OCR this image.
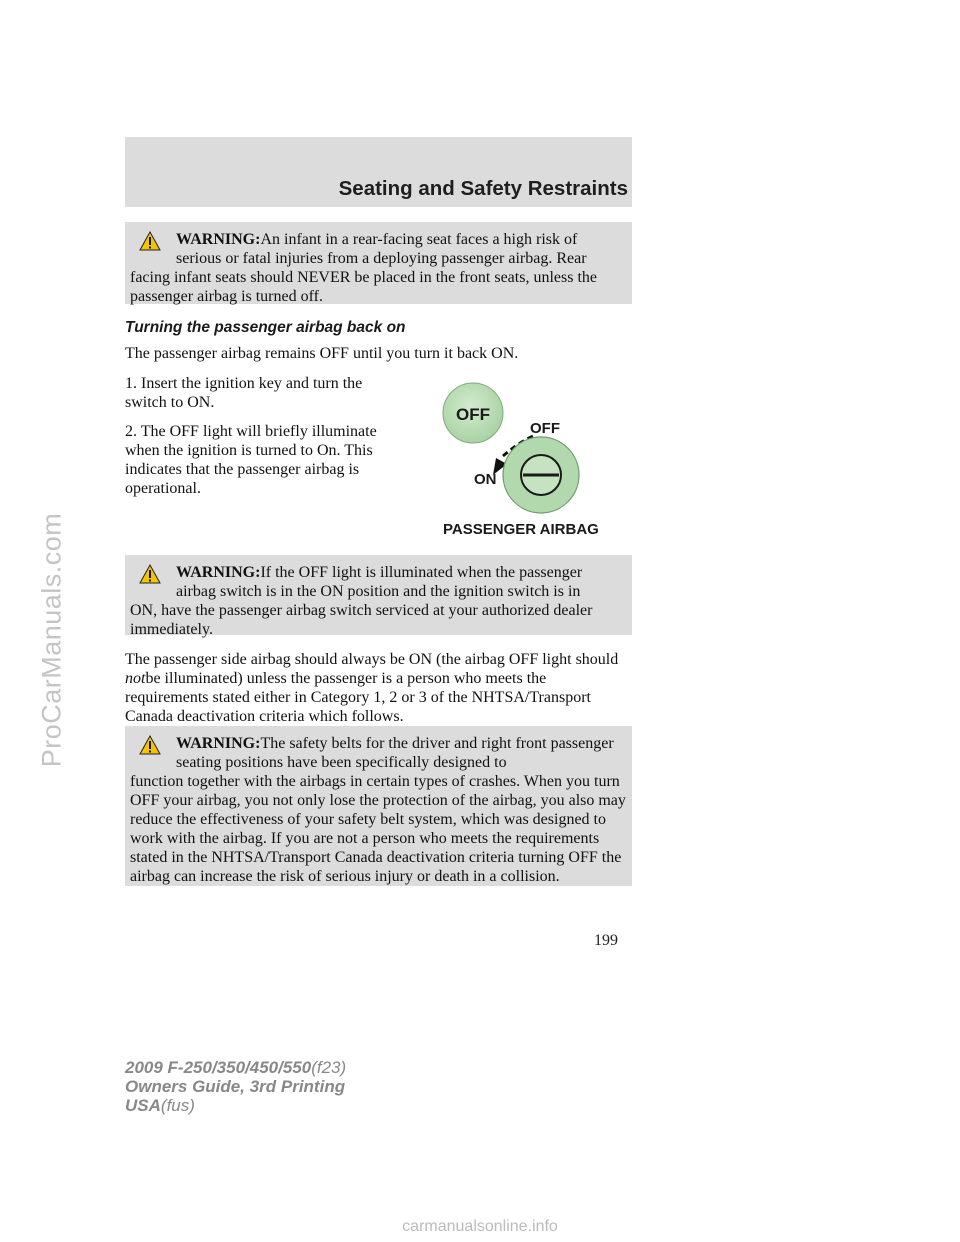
Seating and Safety Restraints
WARNING:An infant in a rear-facing seat faces a high risk of serious or fatal injuries from a deploying passenger airbag. Rear
facing infant seats should NEVER be placed in the front seats, unless the passenger airbag is turned off.
Turning the passenger airbag back on
The passenger airbag remains OFF until you turn it back ON.
1. Insert the ignition key and turn the switch to ON.
2. The OFF light will briefly illuminate when the ignition is turned to On. This indicates that the passenger airbag is operational.
OFF
OFF
ON
PASSENGER AIRBAG
WARNING:If the OFF light is illuminated when the passenger airbag switch is in the ON position and the ignition switch is in
ON, have the passenger airbag switch serviced at your authorized dealer immediately.
The passenger side airbag should always be ON (the airbag OFF light should notbe illuminated) unless the passenger is a person who meets the requirements stated either in Category 1, 2 or 3 of the NHTSA/Transport Canada deactivation criteria which follows.
WARNING:The safety belts for the driver and right front passenger seating positions have been specifically designed to
function together with the airbags in certain types of crashes. When you turn OFF your airbag, you not only lose the protection of the airbag, you also may reduce the effectiveness of your safety belt system, which was designed to work with the airbag. If you are not a person who meets the requirements stated in the NHTSA/Transport Canada deactivation criteria turning OFF the airbag can increase the risk of serious injury or death in a collision.
199
2009 F-250/350/450/550(f23)
Owners Guide, 3rd Printing
USA(fus)
ProCarManuals.com
carmanualsonline.info
